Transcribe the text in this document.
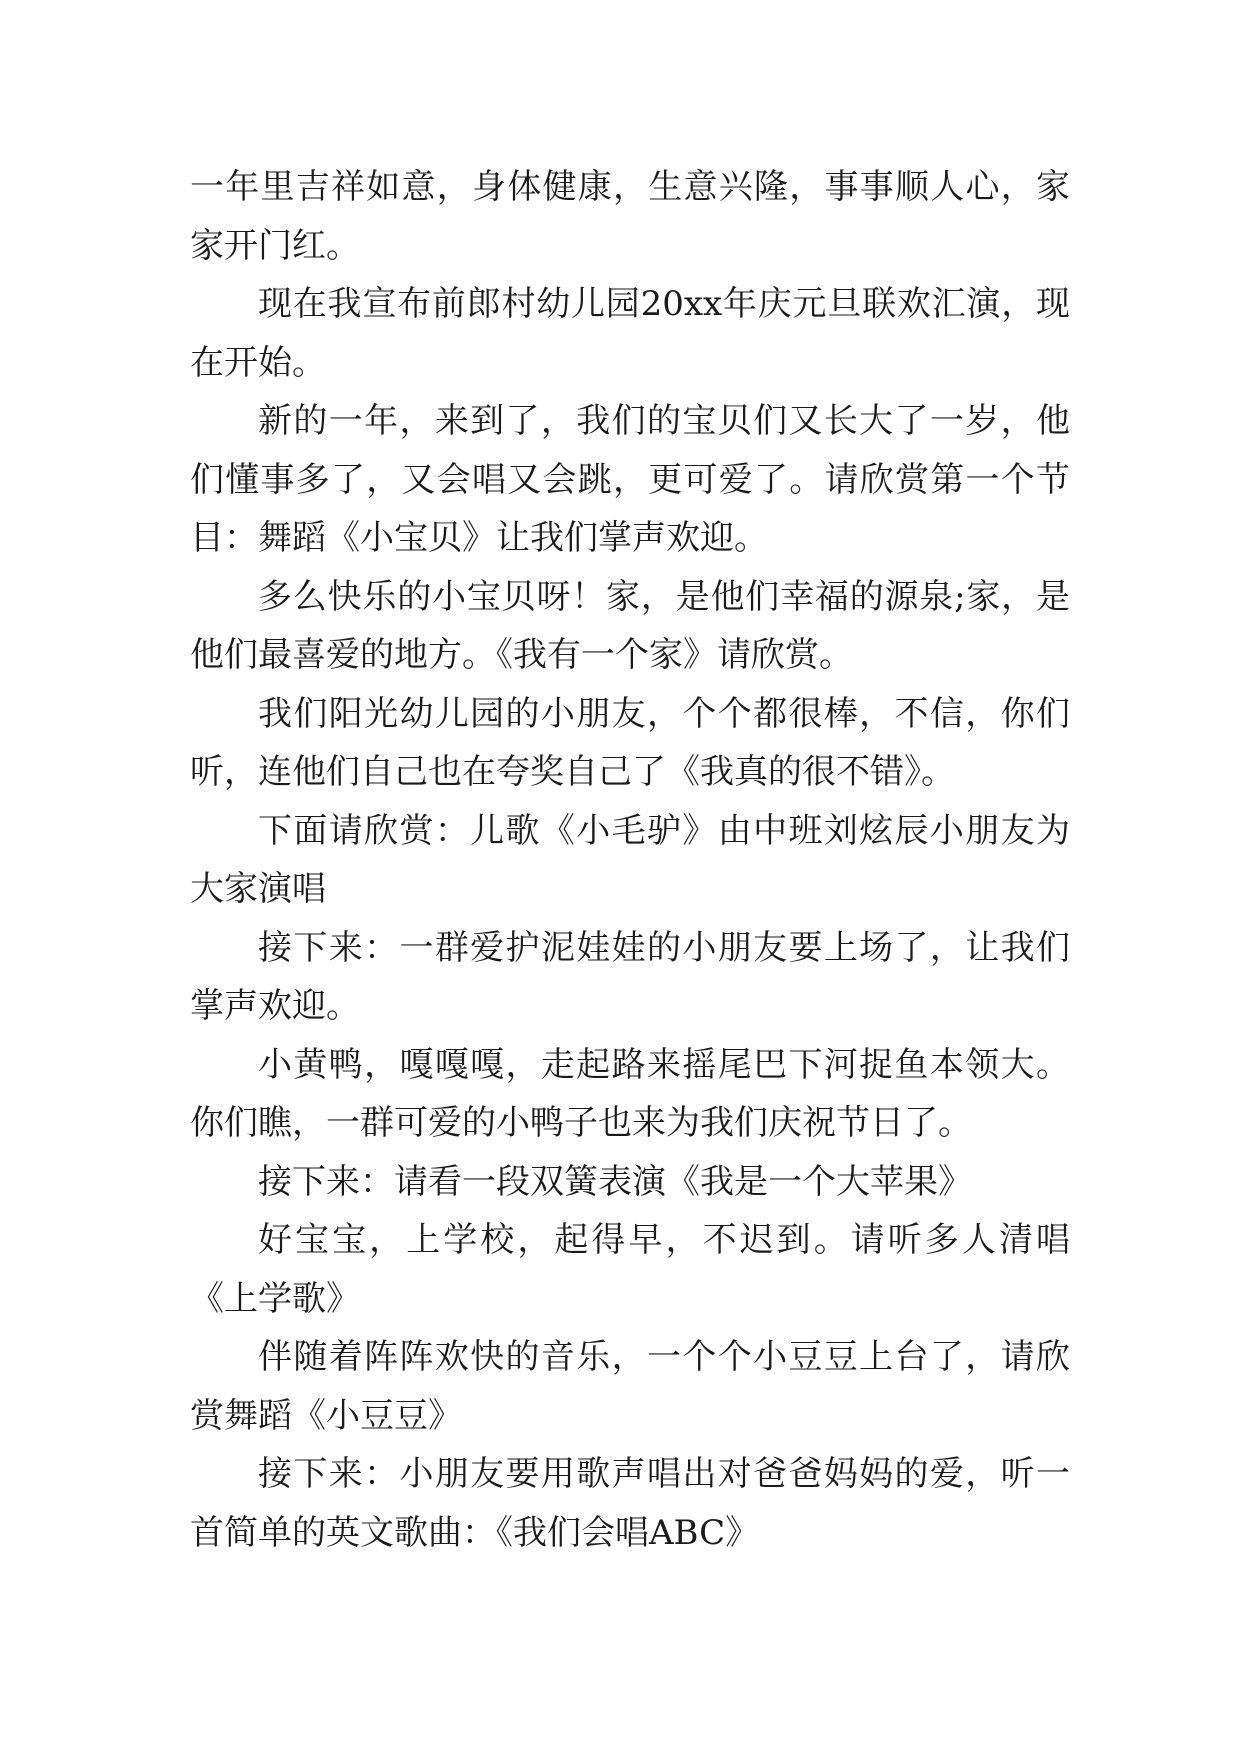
一年里吉祥如意，身体健康，生意兴隆，事事顺人心，家家开门红。

现在我宣布前郎村幼儿园20xx年庆元旦联欢汇演，现在开始。

新的一年，来到了，我们的宝贝们又长大了一岁，他们懂事多了，又会唱又会跳，更可爱了。请欣赏第一个节目：舞蹈《小宝贝》让我们掌声欢迎。

多么快乐的小宝贝呀！家，是他们幸福的源泉;家，是他们最喜爱的地方。《我有一个家》请欣赏。

我们阳光幼儿园的小朋友，个个都很棒，不信，你们听，连他们自己也在夸奖自己了《我真的很不错》。

下面请欣赏：儿歌《小毛驴》由中班刘炫辰小朋友为大家演唱

接下来：一群爱护泥娃娃的小朋友要上场了，让我们掌声欢迎。

小黄鸭，嘎嘎嘎，走起路来摇尾巴下河捉鱼本领大。你们瞧，一群可爱的小鸭子也来为我们庆祝节日了。

接下来：请看一段双簧表演《我是一个大苹果》

好宝宝，上学校，起得早，不迟到。请听多人清唱《上学歌》

伴随着阵阵欢快的音乐，一个个小豆豆上台了，请欣赏舞蹈《小豆豆》

接下来：小朋友要用歌声唱出对爸爸妈妈的爱，听一首简单的英文歌曲：《我们会唱ABC》
